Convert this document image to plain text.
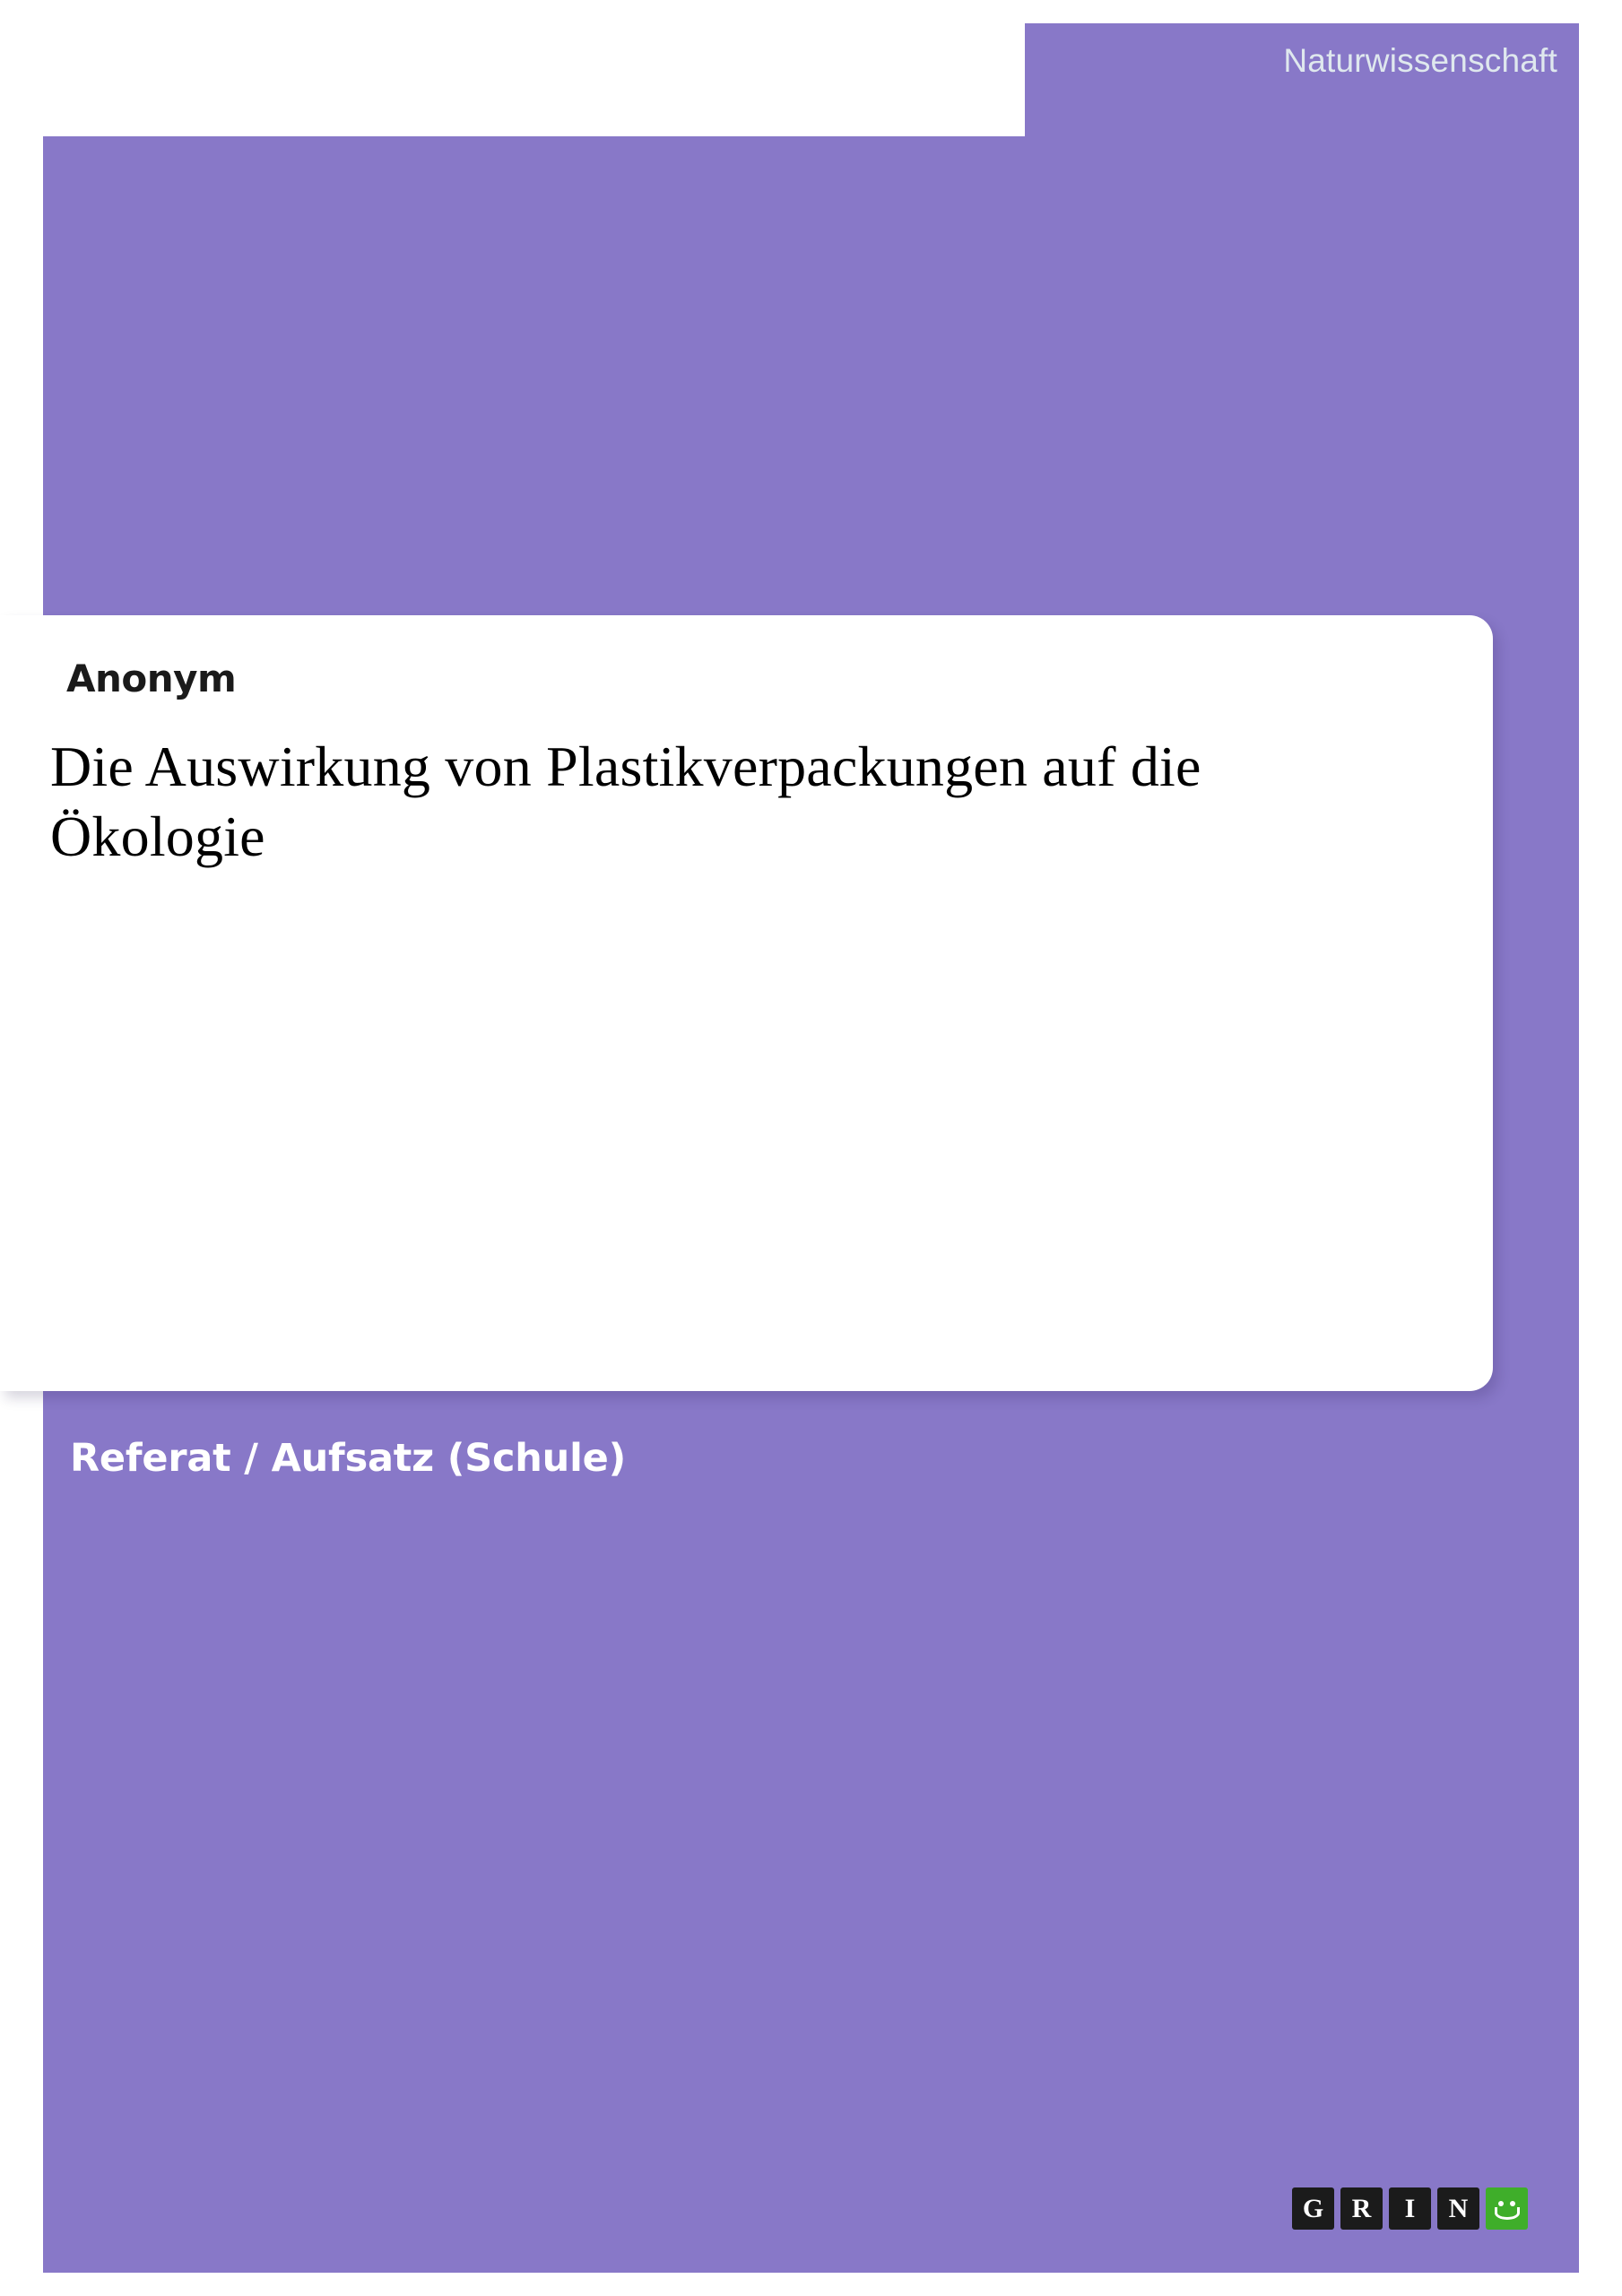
Naturwissenschaft
Anonym
Die Auswirkung von Plastikverpackungen auf die Ökologie
Referat / Aufsatz (Schule)
G	R	I	N
